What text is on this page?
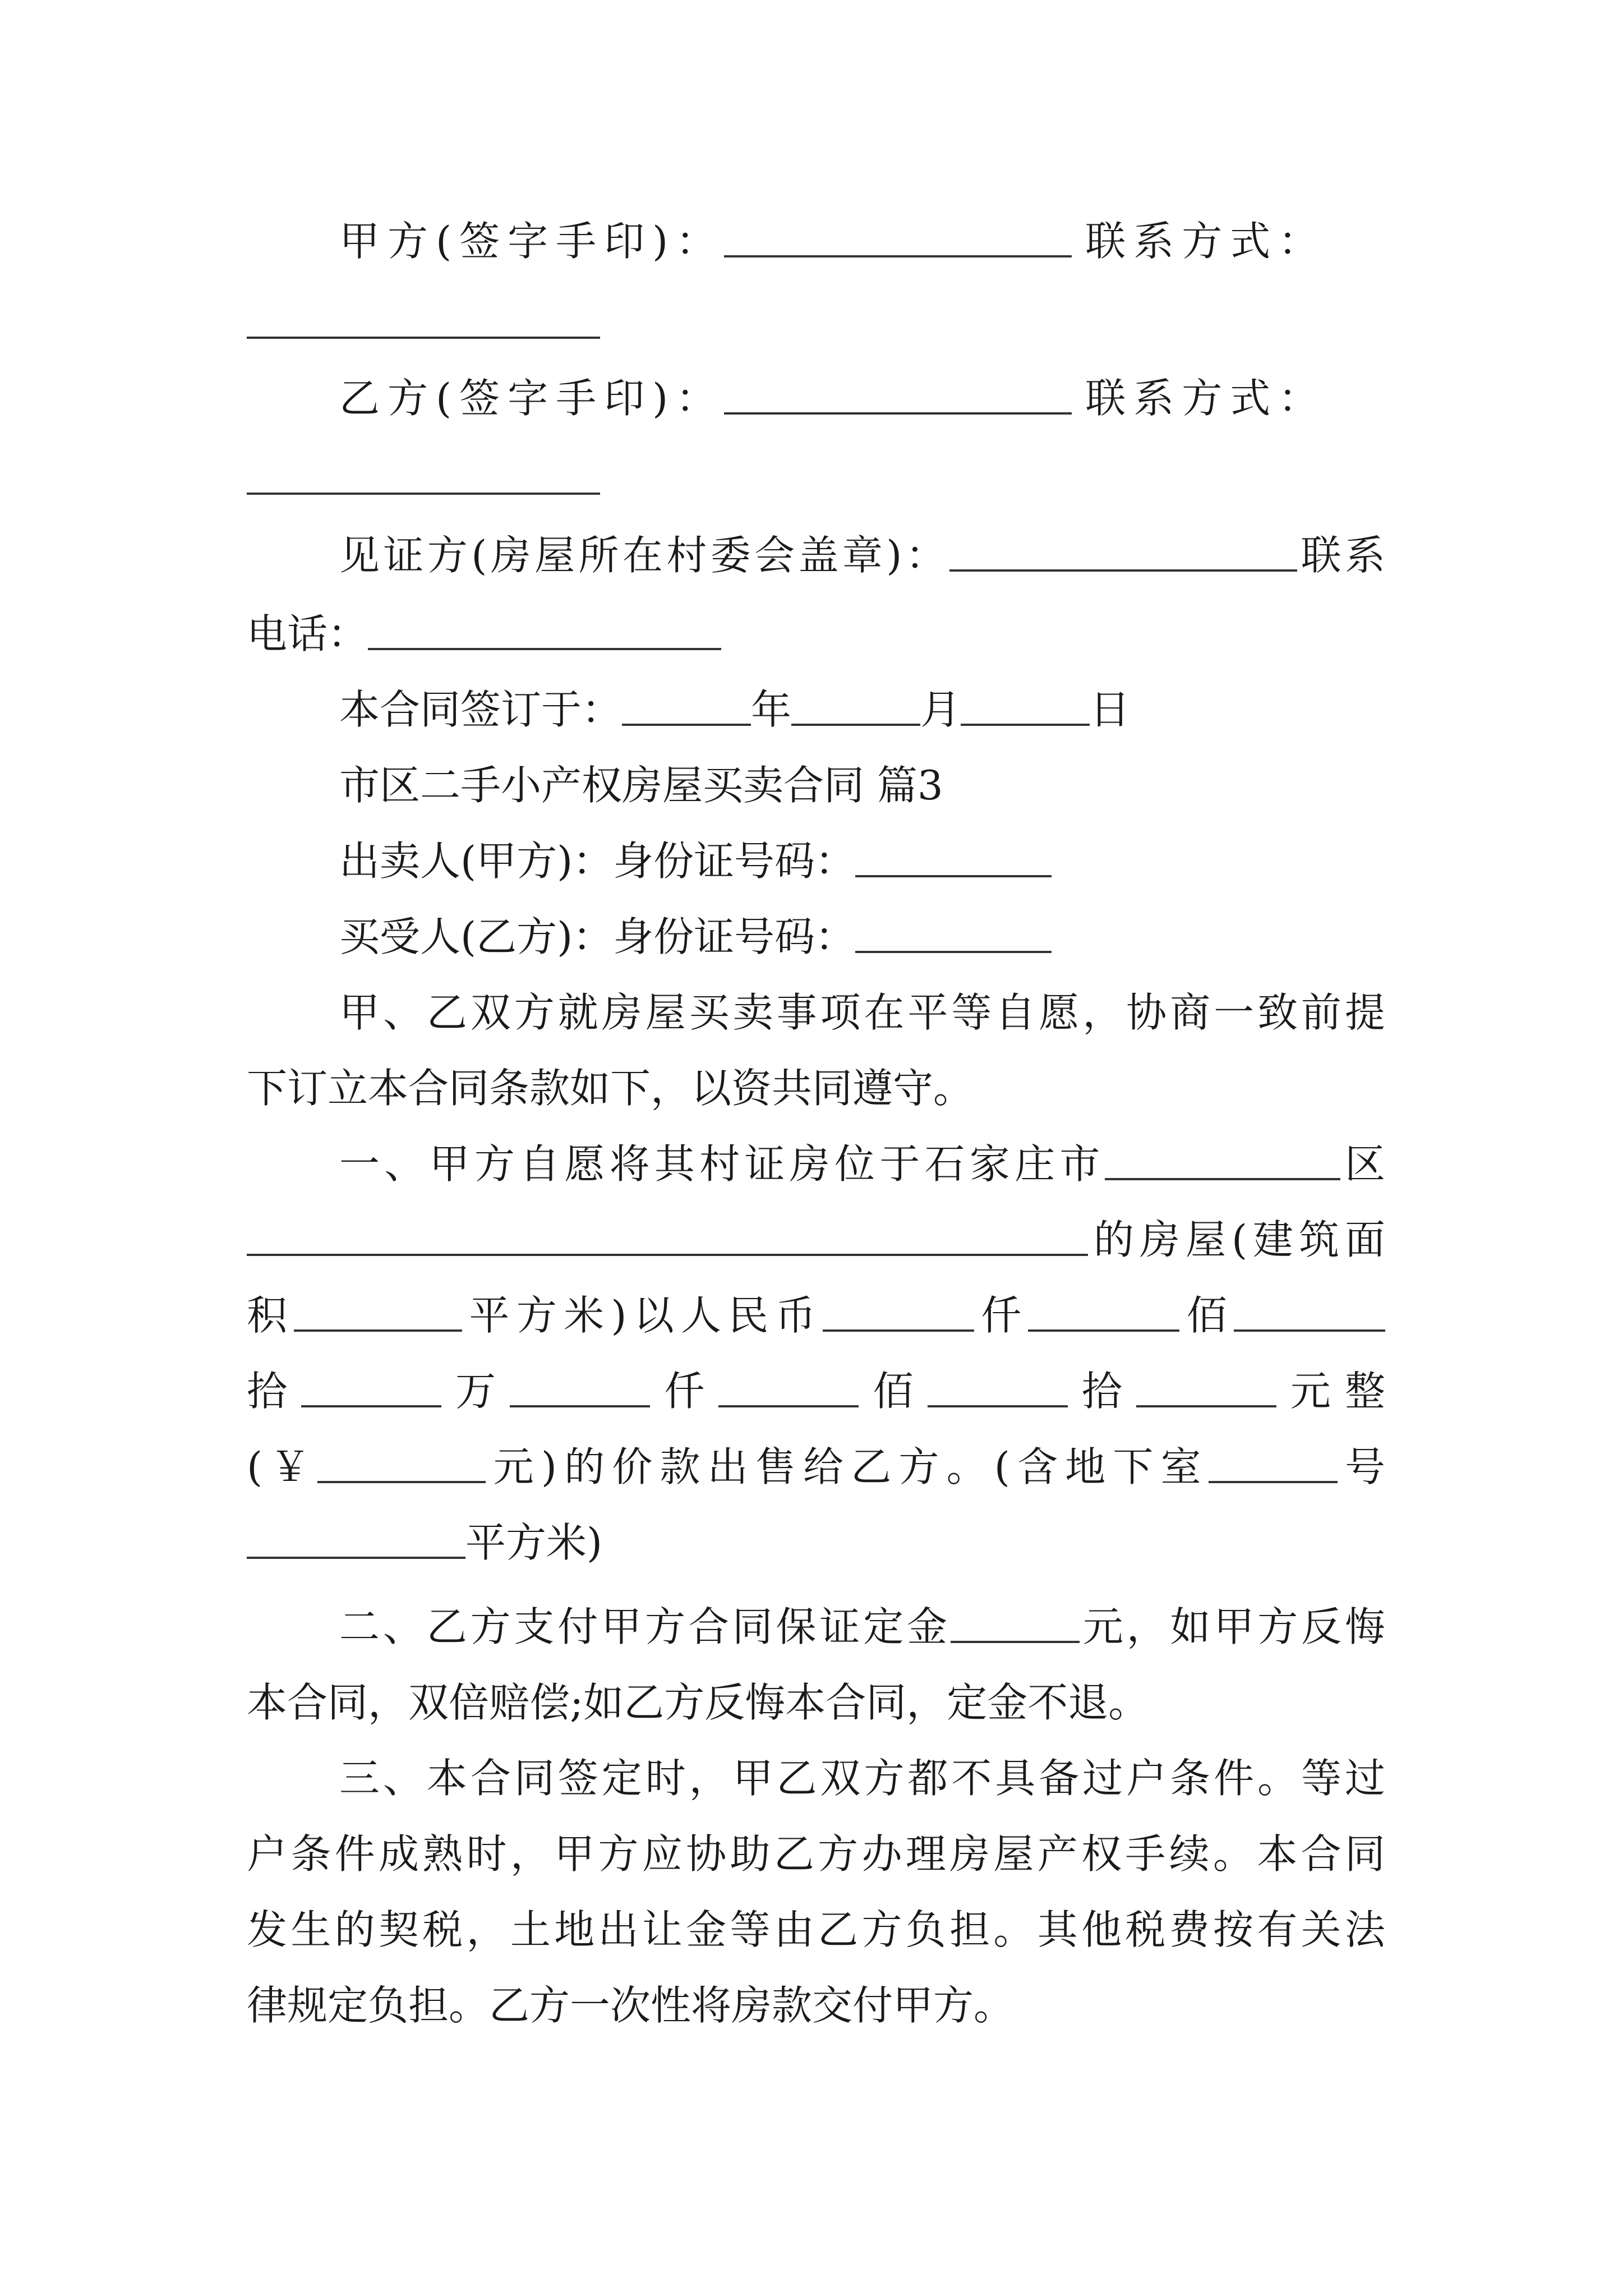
甲方(签字手印)：	联系方式：
乙方(签字手印)：	联系方式：
见证方(房屋所在村委会盖章)：	联系
电话：
本合同签订于：	年	月	日
市区二手小产权房屋买卖合同 篇3
出卖人(甲方)：身份证号码：
买受人(乙方)：身份证号码：
甲、乙双方就房屋买卖事项在平等自愿，协商一致前提
下订立本合同条款如下，以资共同遵守。
一、甲方自愿将其村证房位于石家庄市	区
的房屋(建筑面
积	平方米)以人民币	仟	佰
拾	万	仟	佰	拾	元整
(￥	元)的价款出售给乙方。(含地下室	号
平方米)
二、乙方支付甲方合同保证定金	元，如甲方反悔
本合同，双倍赔偿;如乙方反悔本合同，定金不退。
三、本合同签定时，甲乙双方都不具备过户条件。等过
户条件成熟时，甲方应协助乙方办理房屋产权手续。本合同
发生的契税，土地出让金等由乙方负担。其他税费按有关法
律规定负担。乙方一次性将房款交付甲方。
